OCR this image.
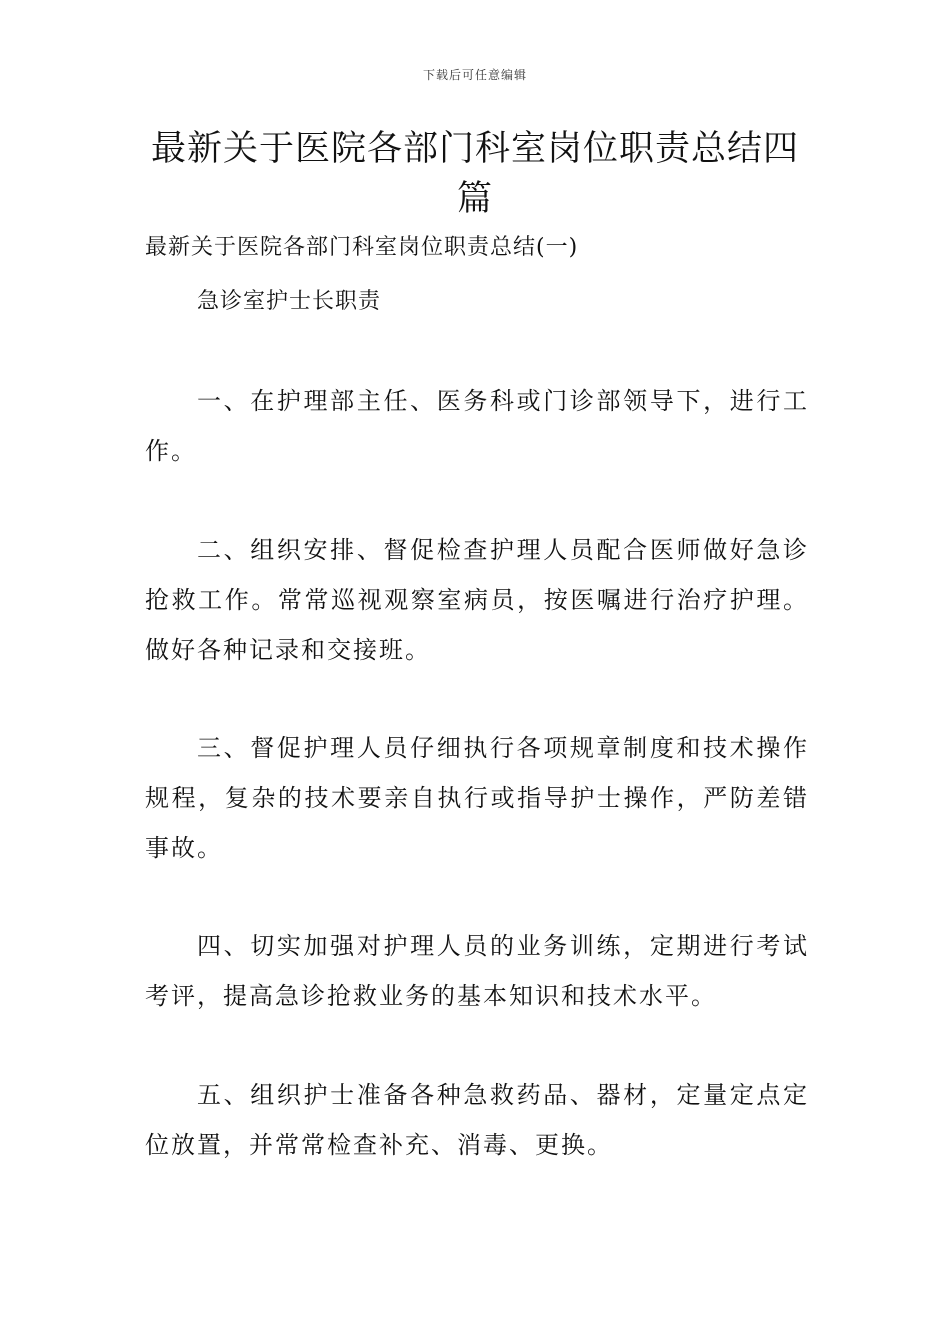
下载后可任意编辑
最新关于医院各部门科室岗位职责总结四篇
最新关于医院各部门科室岗位职责总结(一)
急诊室护士长职责

一、在护理部主任、医务科或门诊部领导下，进行工作。

二、组织安排、督促检查护理人员配合医师做好急诊抢救工作。常常巡视观察室病员，按医嘱进行治疗护理。做好各种记录和交接班。

三、督促护理人员仔细执行各项规章制度和技术操作规程，复杂的技术要亲自执行或指导护士操作，严防差错事故。

四、切实加强对护理人员的业务训练，定期进行考试考评，提高急诊抢救业务的基本知识和技术水平。

五、组织护士准备各种急救药品、器材，定量定点定位放置，并常常检查补充、消毒、更换。
